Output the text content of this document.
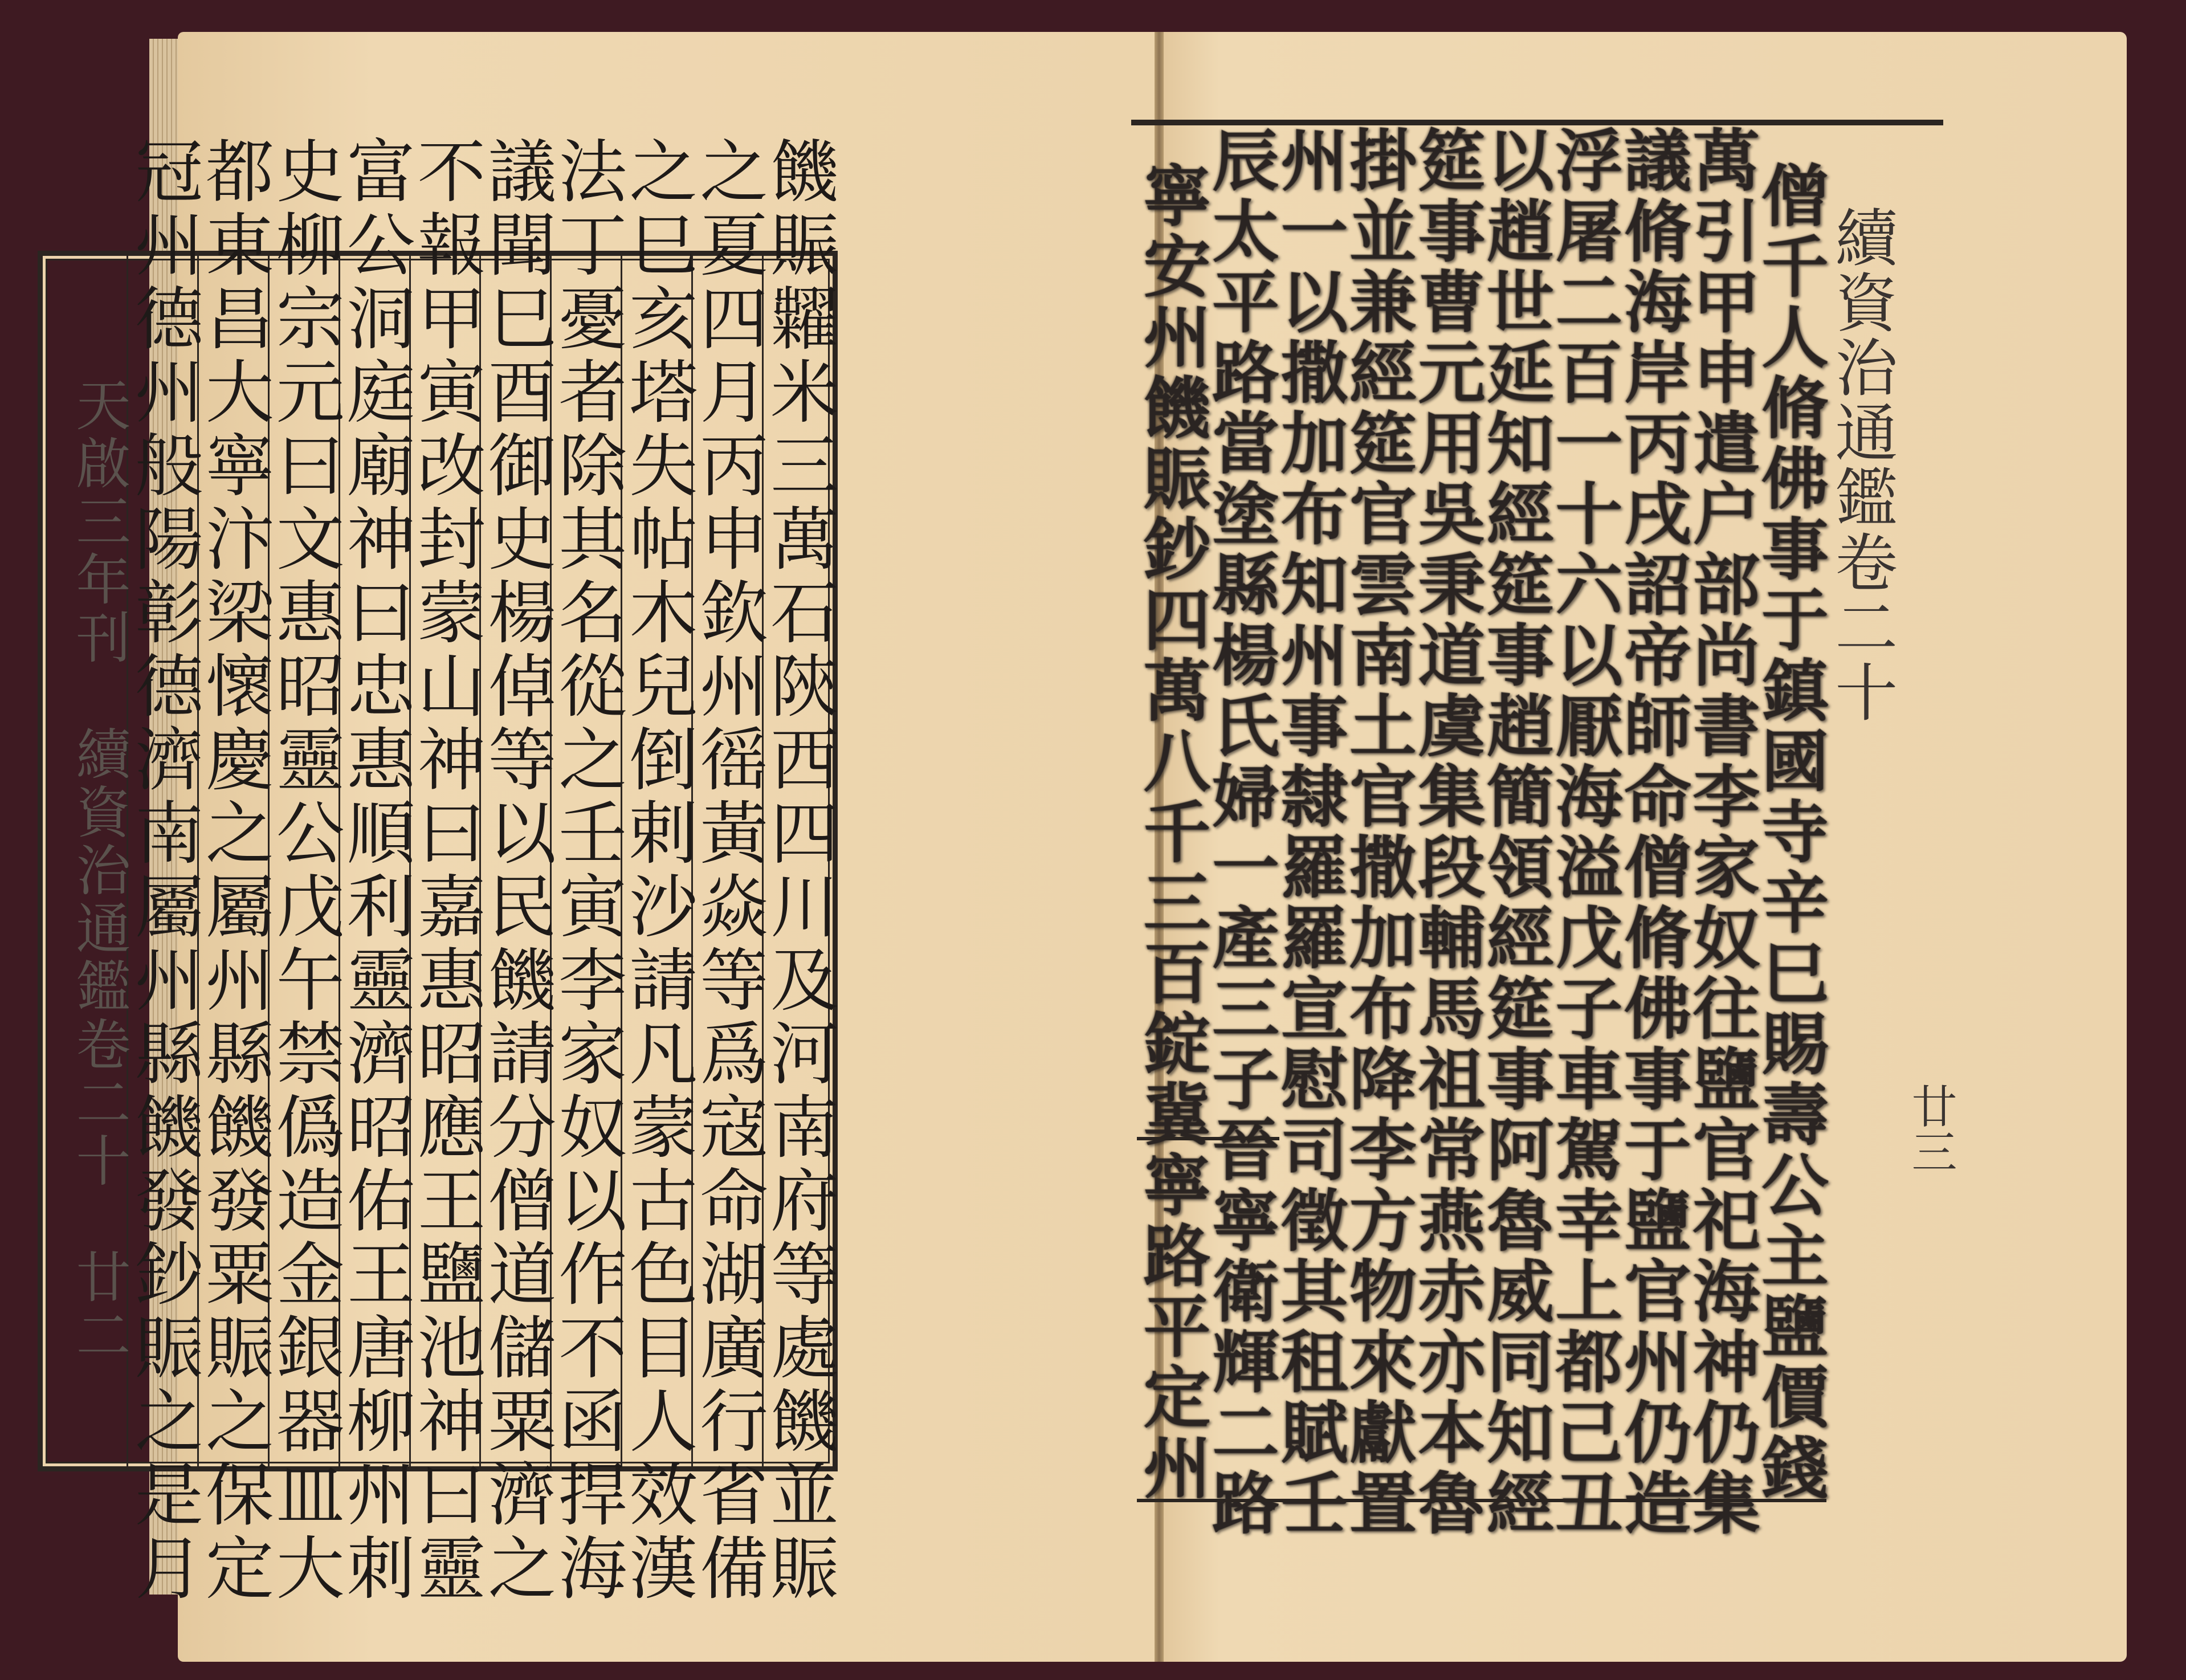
饑賑糶米三萬石陝西四川及河南府等處饑並賑
之夏四月丙申欽州徭黃焱等爲寇命湖廣行省備
之巳亥塔失帖木兒倒剌沙請凡蒙古色目人效漢
法丁憂者除其名從之壬寅李家奴以作不函捍海
議聞巳酉御史楊倬等以民饑請分僧道儲粟濟之
不報甲寅改封蒙山神曰嘉惠昭應王鹽池神曰靈
富公洞庭廟神曰忠惠順利靈濟昭佑王唐柳州刺
史柳宗元曰文惠昭靈公戊午禁僞造金銀器皿大
都東昌大寧汴梁懷慶之屬州縣饑發粟賑之保定
冠州德州般陽彰德濟南屬州縣饑發鈔賑之是月
天啟三年刊　續資治通鑑卷二十　廿二	續資治通鑑卷二十
廿三
僧千人脩佛事于鎮國寺辛巳賜壽公主鹽價錢
萬引甲申遣户部尚書李家奴往鹽官祀海神仍集
議脩海岸丙戌詔帝師命僧脩佛事于鹽官州仍造
浮屠二百一十六以厭海溢戊子車駕幸上都己丑
以趙世延知經筵事趙簡領經筵事阿魯威同知經
筵事曹元用吳秉道虞集段輔馬祖常燕赤亦本魯
掛並兼經筵官雲南土官撒加布降李方物來獻置
州一以撒加布知州事隸羅羅宣慰司徵其租賦壬
辰太平路當塗縣楊氏婦一產三子晉寧衛輝二路
寧安州饑賑鈔四萬八千三百錠冀寧路平定州
